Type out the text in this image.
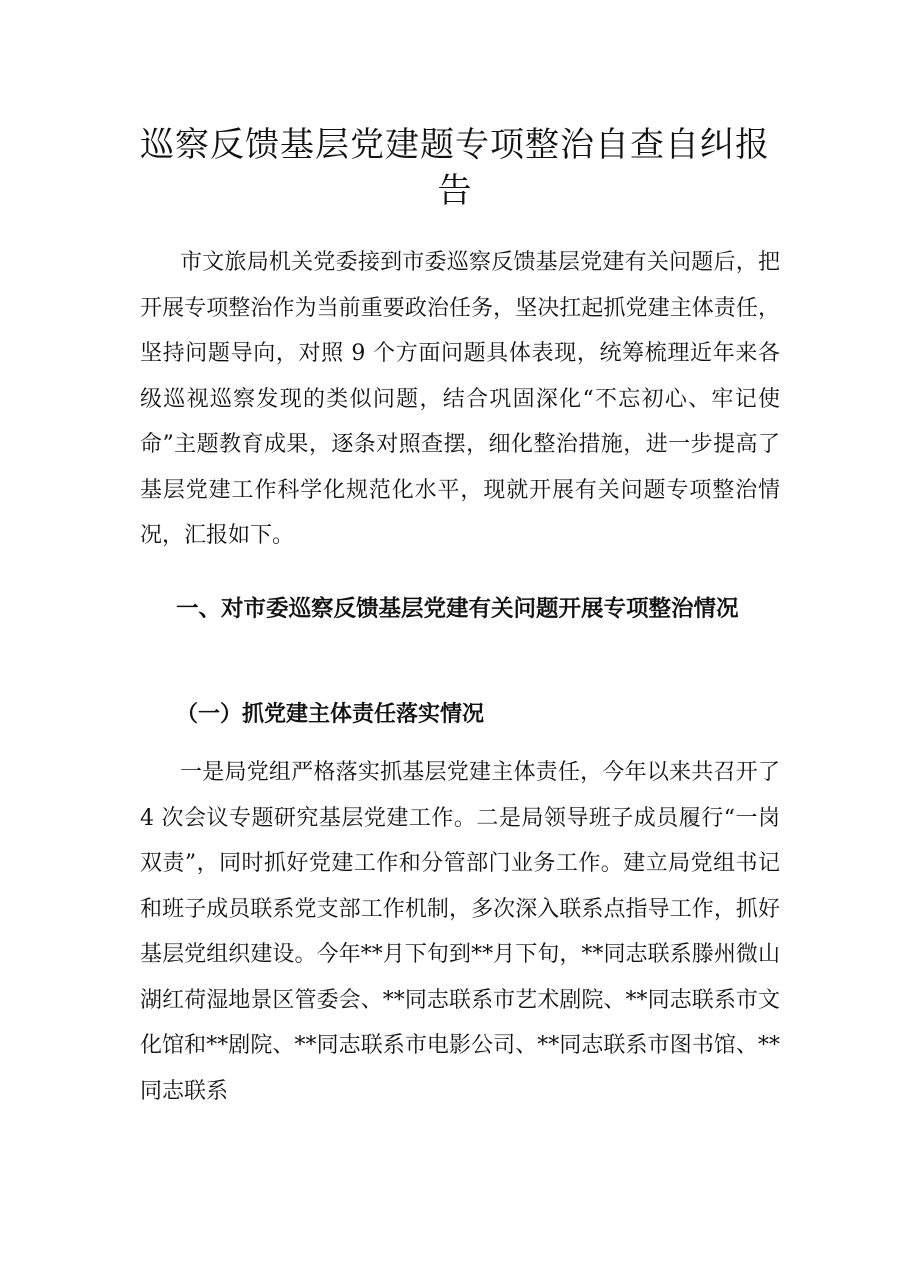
巡察反馈基层党建题专项整治自查自纠报告

市文旅局机关党委接到市委巡察反馈基层党建有关问题后，把开展专项整治作为当前重要政治任务，坚决扛起抓党建主体责任，坚持问题导向，对照 9 个方面问题具体表现，统筹梳理近年来各级巡视巡察发现的类似问题，结合巩固深化“不忘初心、牢记使命”主题教育成果，逐条对照查摆，细化整治措施，进一步提高了基层党建工作科学化规范化水平，现就开展有关问题专项整治情况，汇报如下。

一、对市委巡察反馈基层党建有关问题开展专项整治情况
（一）抓党建主体责任落实情况

一是局党组严格落实抓基层党建主体责任，今年以来共召开了 4 次会议专题研究基层党建工作。二是局领导班子成员履行“一岗双责”，同时抓好党建工作和分管部门业务工作。建立局党组书记和班子成员联系党支部工作机制，多次深入联系点指导工作，抓好基层党组织建设。今年**月下旬到**月下旬，**同志联系滕州微山湖红荷湿地景区管委会、**同志联系市艺术剧院、**同志联系市文化馆和**剧院、**同志联系市电影公司、**同志联系市图书馆、**同志联系
